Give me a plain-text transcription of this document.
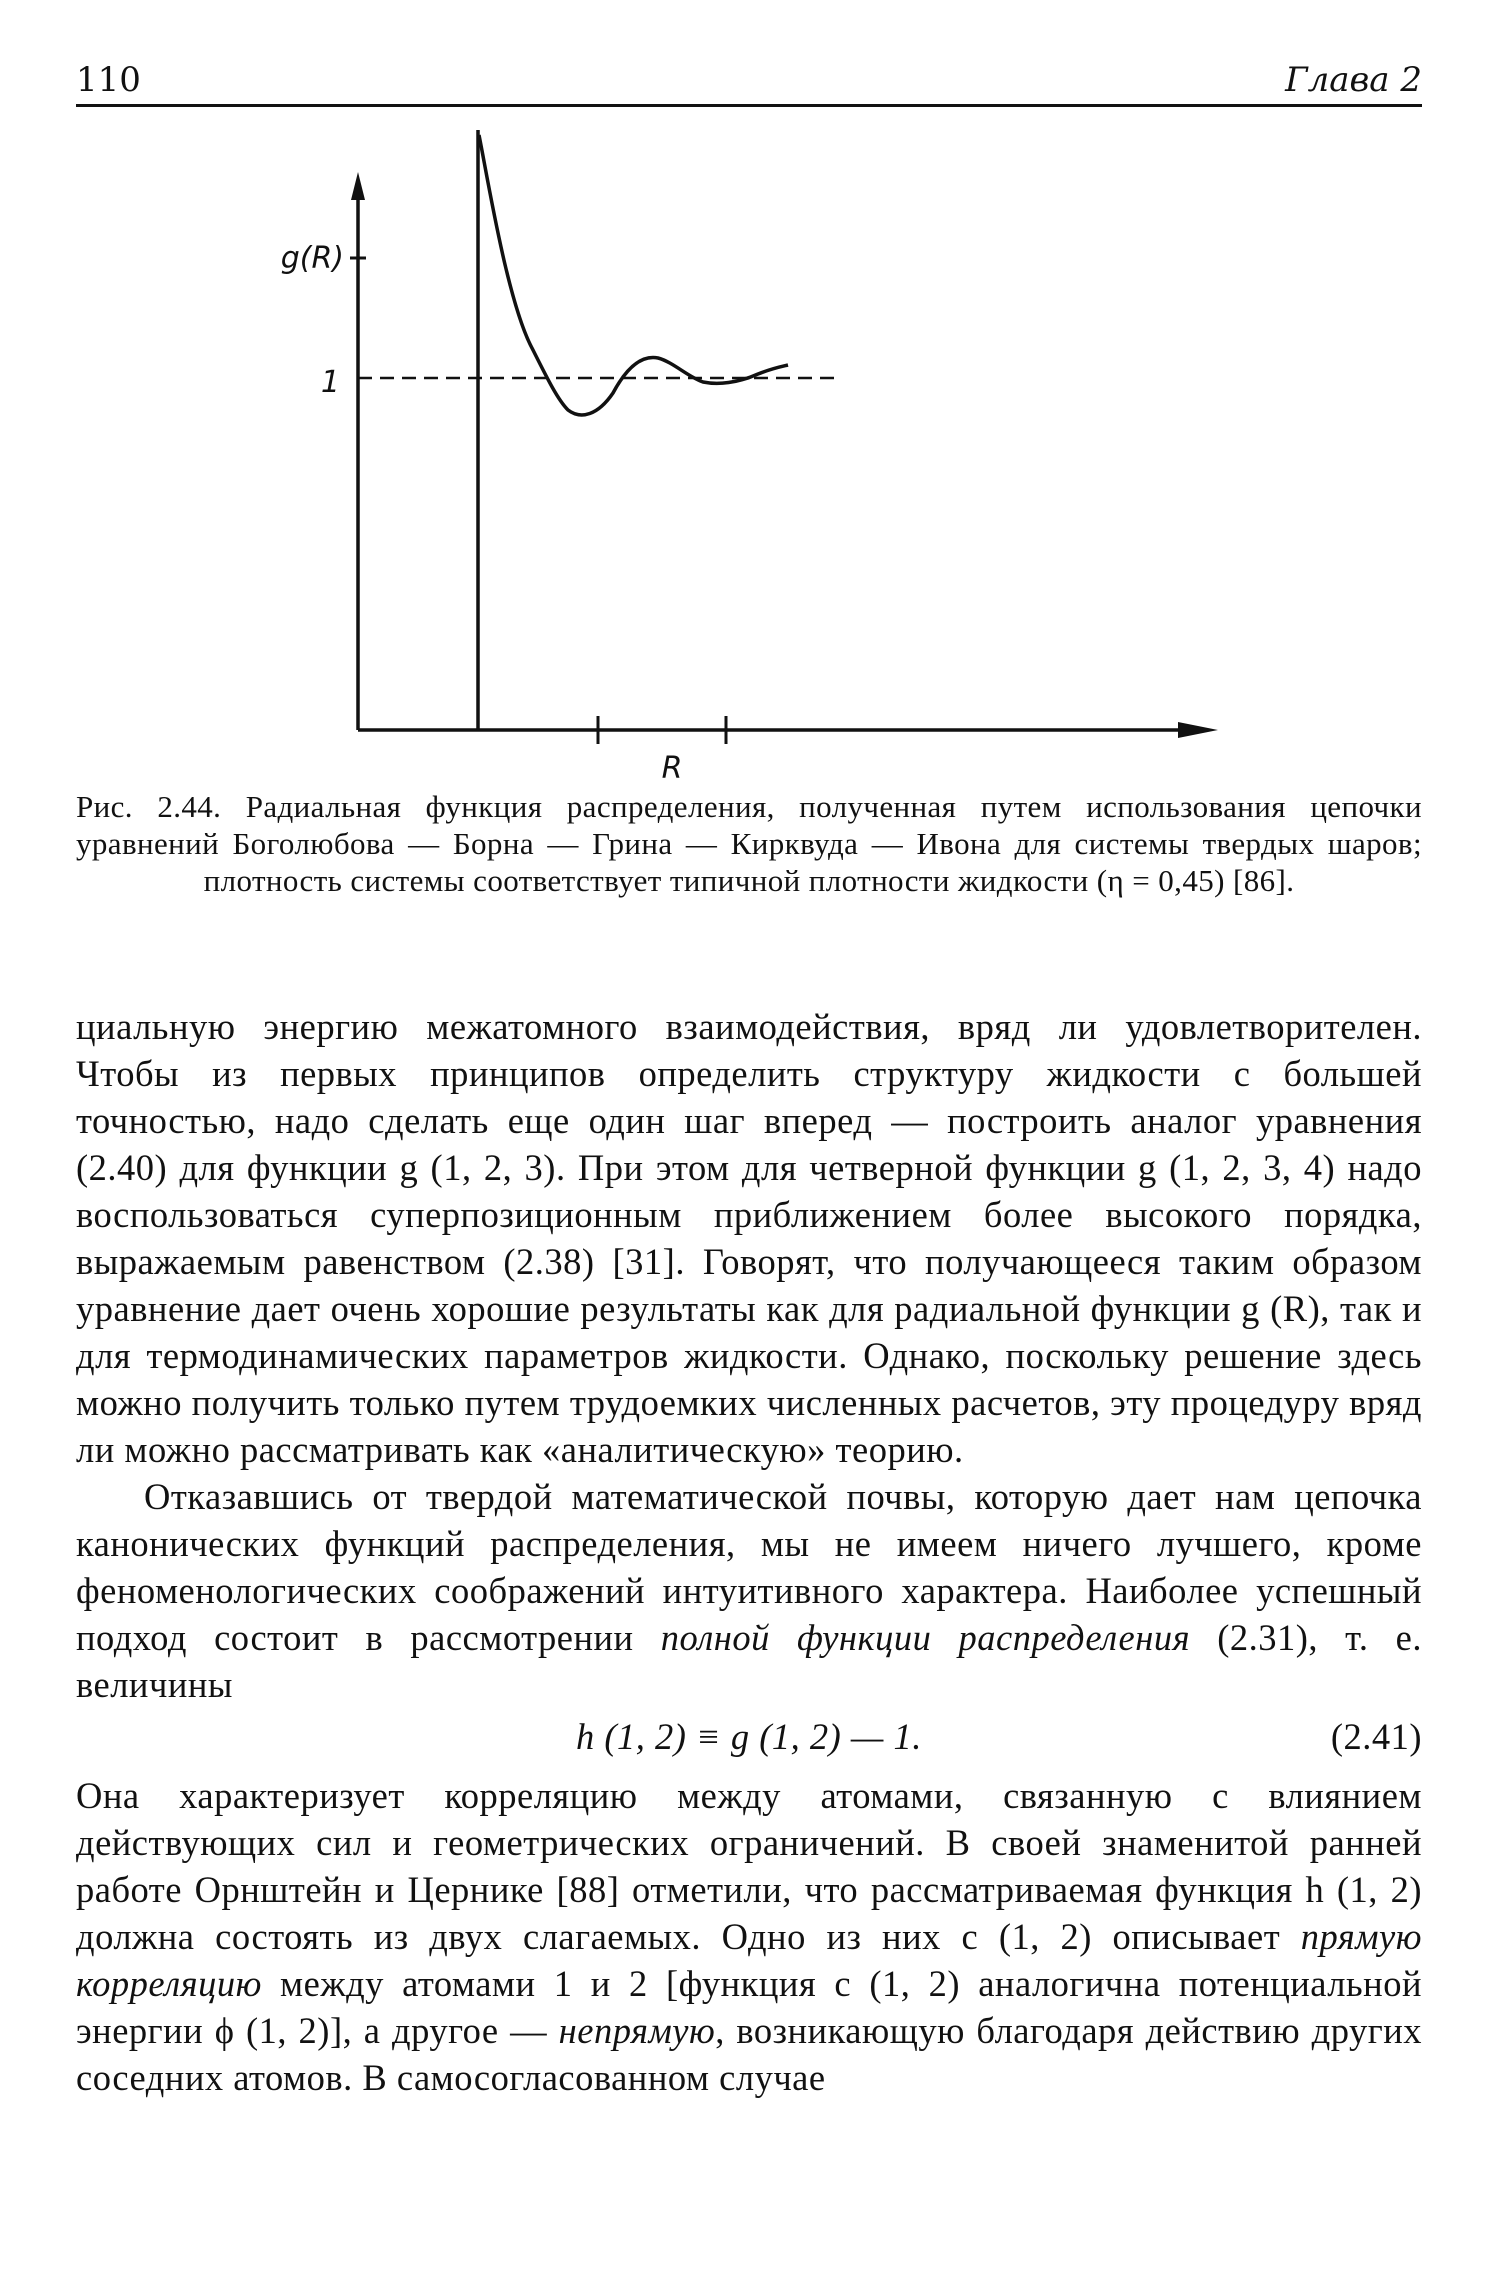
110	Глава 2
g(R)
1
R
Рис. 2.44. Радиальная функция распределения, полученная путем использования цепочки уравнений Боголюбова — Борна — Грина — Кирквуда — Ивона для системы твердых шаров; плотность системы соответствует типичной плотности жидкости (η = 0,45) [86].

циальную энергию межатомного взаимодействия, вряд ли удовлетворителен. Чтобы из первых принципов определить структуру жидкости с большей точностью, надо сделать еще один шаг вперед — построить аналог уравнения (2.40) для функции g (1, 2, 3). При этом для четверной функции g (1, 2, 3, 4) надо воспользоваться суперпозиционным приближением более высокого порядка, выражаемым равенством (2.38) [31]. Говорят, что получающееся таким образом уравнение дает очень хорошие результаты как для радиальной функции g (R), так и для термодинамических параметров жидкости. Однако, поскольку решение здесь можно получить только путем трудоемких численных расчетов, эту процедуру вряд ли можно рассматривать как «аналитическую» теорию.

Отказавшись от твердой математической почвы, которую дает нам цепочка канонических функций распределения, мы не имеем ничего лучшего, кроме феноменологических соображений интуитивного характера. Наиболее успешный подход состоит в рассмотрении полной функции распределения (2.31), т. е. величины

h (1, 2) ≡ g (1, 2) — 1.	(2.41)

Она характеризует корреляцию между атомами, связанную с влиянием действующих сил и геометрических ограничений. В своей знаменитой ранней работе Орнштейн и Цернике [88] отметили, что рассматриваемая функция h (1, 2) должна состоять из двух слагаемых. Одно из них c (1, 2) описывает прямую корреляцию между атомами 1 и 2 [функция c (1, 2) аналогична потенциальной энергии ϕ (1, 2)], а другое — непрямую, возникающую благодаря действию других соседних атомов. В самосогласованном случае
